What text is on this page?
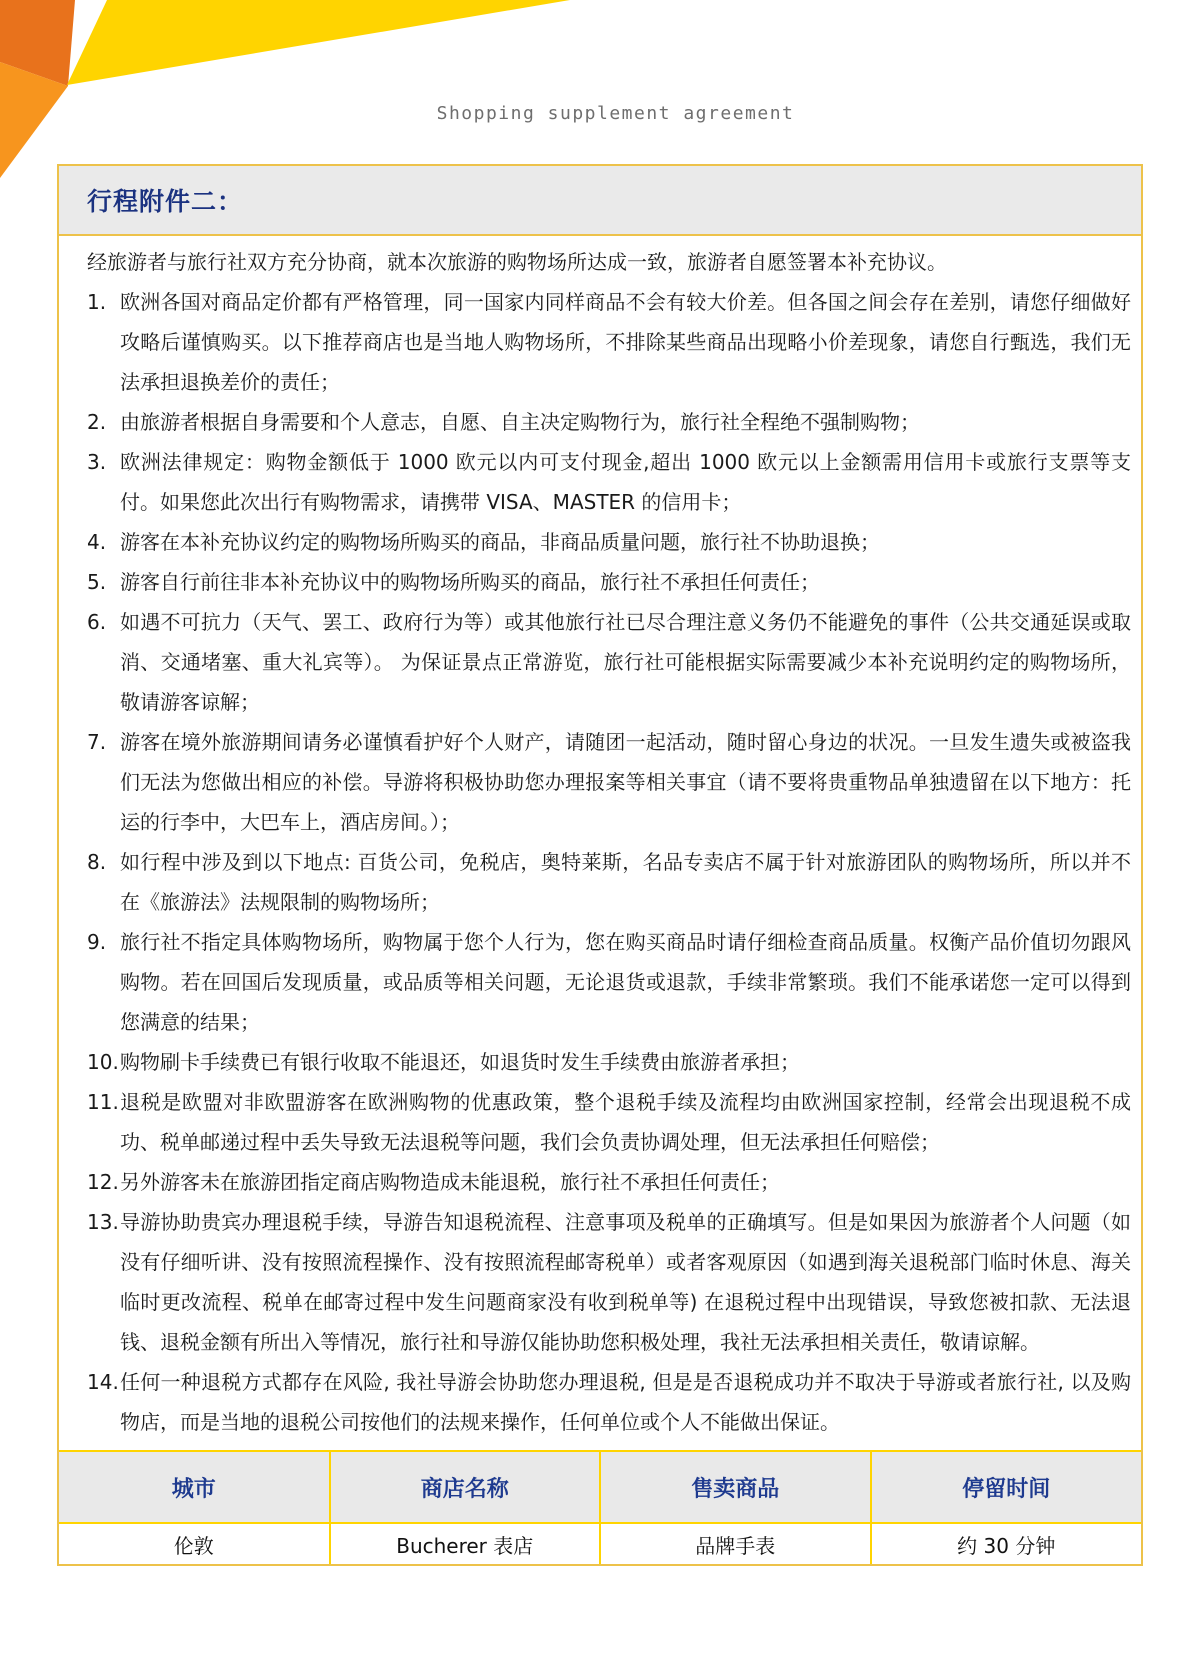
Shopping supplement agreement
行程附件二：

经旅游者与旅行社双方充分协商，就本次旅游的购物场所达成一致，旅游者自愿签署本补充协议。

1. 欧洲各国对商品定价都有严格管理，同一国家内同样商品不会有较大价差。但各国之间会存在差别，请您仔细做好攻略后谨慎购买。以下推荐商店也是当地人购物场所，不排除某些商品出现略小价差现象，请您自行甄选，我们无法承担退换差价的责任；
2. 由旅游者根据自身需要和个人意志，自愿、自主决定购物行为，旅行社全程绝不强制购物；
3. 欧洲法律规定：购物金额低于 1000 欧元以内可支付现金,超出 1000 欧元以上金额需用信用卡或旅行支票等支付。如果您此次出行有购物需求，请携带 VISA、MASTER 的信用卡；
4. 游客在本补充协议约定的购物场所购买的商品，非商品质量问题，旅行社不协助退换；
5. 游客自行前往非本补充协议中的购物场所购买的商品，旅行社不承担任何责任；
6. 如遇不可抗力（天气、罢工、政府行为等）或其他旅行社已尽合理注意义务仍不能避免的事件（公共交通延误或取消、交通堵塞、重大礼宾等）。 为保证景点正常游览，旅行社可能根据实际需要减少本补充说明约定的购物场所，敬请游客谅解；
7. 游客在境外旅游期间请务必谨慎看护好个人财产，请随团一起活动，随时留心身边的状况。一旦发生遗失或被盗我们无法为您做出相应的补偿。导游将积极协助您办理报案等相关事宜（请不要将贵重物品单独遗留在以下地方：托运的行李中，大巴车上，酒店房间。）；
8. 如行程中涉及到以下地点: 百货公司，免税店，奥特莱斯，名品专卖店不属于针对旅游团队的购物场所，所以并不在《旅游法》法规限制的购物场所；
9. 旅行社不指定具体购物场所，购物属于您个人行为，您在购买商品时请仔细检查商品质量。权衡产品价值切勿跟风购物。若在回国后发现质量，或品质等相关问题，无论退货或退款，手续非常繁琐。我们不能承诺您一定可以得到您满意的结果；
10. 购物刷卡手续费已有银行收取不能退还，如退货时发生手续费由旅游者承担；
11. 退税是欧盟对非欧盟游客在欧洲购物的优惠政策，整个退税手续及流程均由欧洲国家控制，经常会出现退税不成功、税单邮递过程中丢失导致无法退税等问题，我们会负责协调处理，但无法承担任何赔偿；
12. 另外游客未在旅游团指定商店购物造成未能退税，旅行社不承担任何责任；
13. 导游协助贵宾办理退税手续，导游告知退税流程、注意事项及税单的正确填写。但是如果因为旅游者个人问题（如没有仔细听讲、没有按照流程操作、没有按照流程邮寄税单）或者客观原因（如遇到海关退税部门临时休息、海关临时更改流程、税单在邮寄过程中发生问题商家没有收到税单等) 在退税过程中出现错误，导致您被扣款、无法退钱、退税金额有所出入等情况，旅行社和导游仅能协助您积极处理，我社无法承担相关责任，敬请谅解。
14. 任何一种退税方式都存在风险, 我社导游会协助您办理退税, 但是是否退税成功并不取决于导游或者旅行社, 以及购物店，而是当地的退税公司按他们的法规来操作，任何单位或个人不能做出保证。
城市	商店名称	售卖商品	停留时间
伦敦	Bucherer 表店	品牌手表	约 30 分钟
